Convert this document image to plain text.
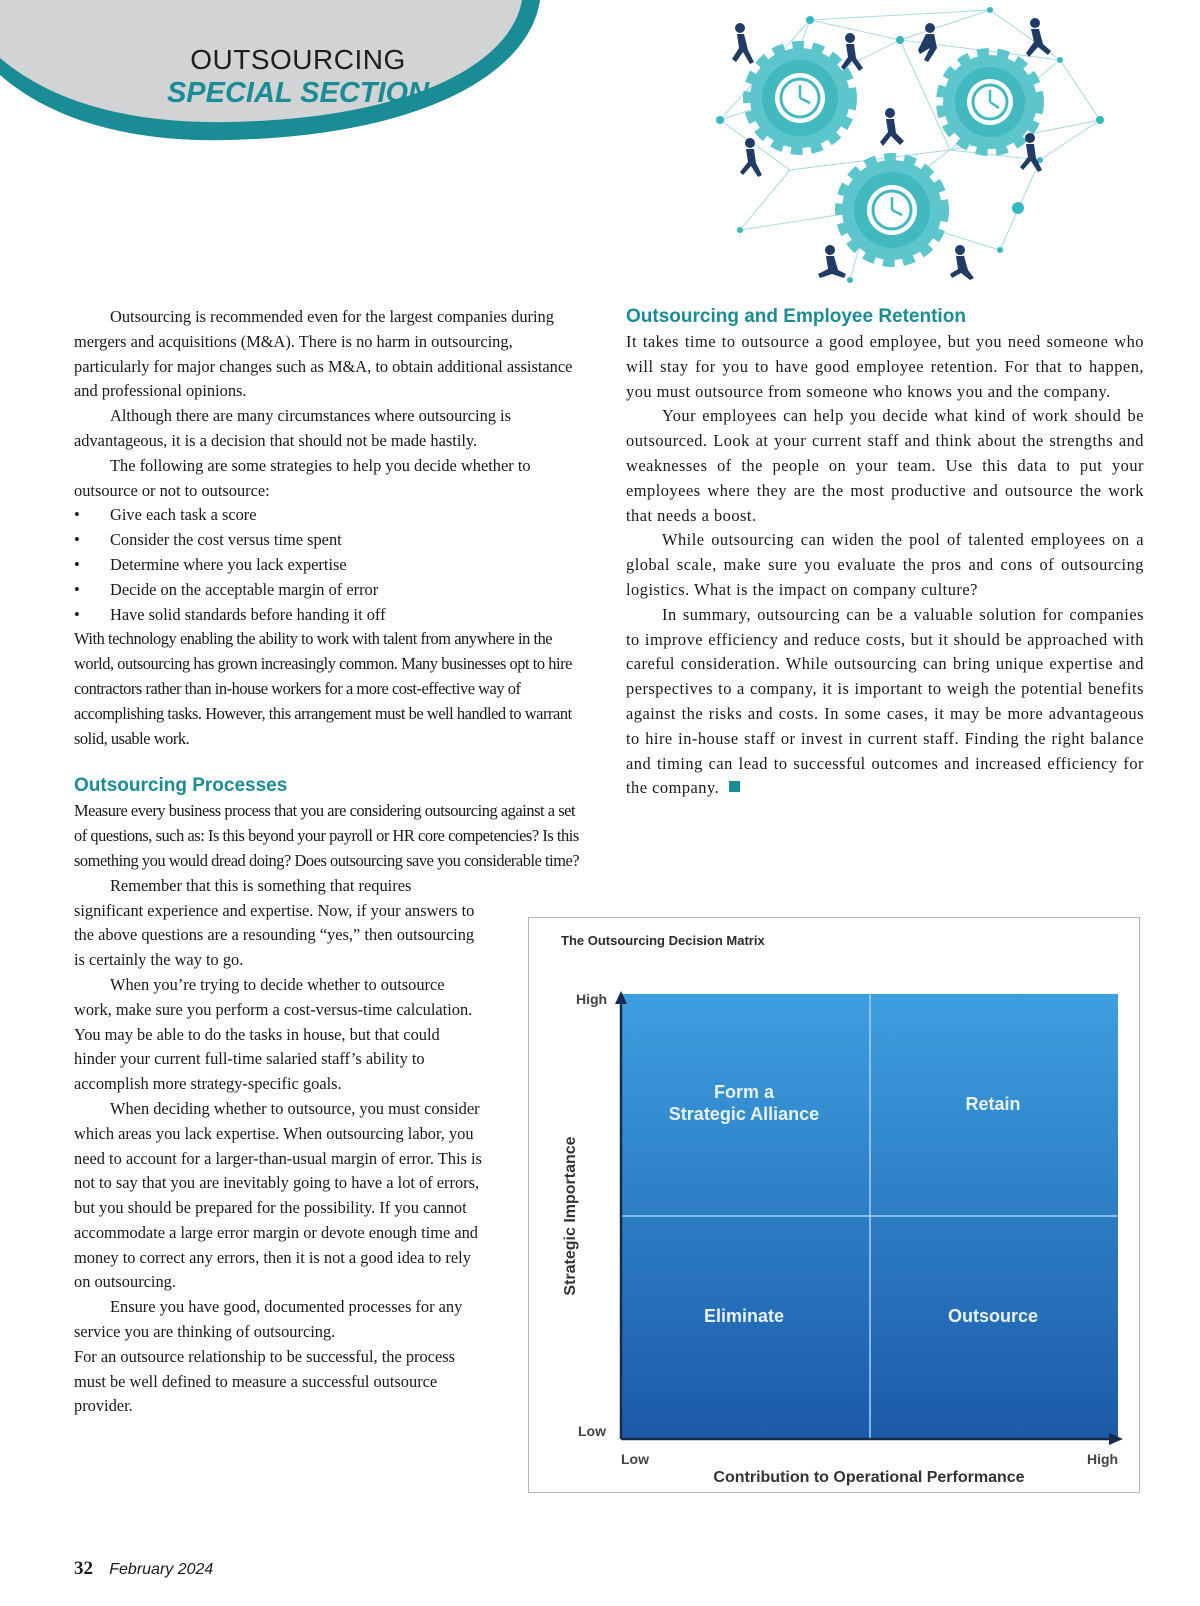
OUTSOURCING
SPECIAL SECTION

Outsourcing is recommended even for the largest companies during mergers and acquisitions (M&A). There is no harm in outsourcing, particularly for major changes such as M&A, to obtain additional assistance and professional opinions.

Although there are many circumstances where outsourcing is advantageous, it is a decision that should not be made hastily.

The following are some strategies to help you decide whether to outsource or not to outsource:

• Give each task a score
• Consider the cost versus time spent
• Determine where you lack expertise
• Decide on the acceptable margin of error
• Have solid standards before handing it off

With technology enabling the ability to work with talent from anywhere in the world, outsourcing has grown increasingly common. Many businesses opt to hire contractors rather than in-house workers for a more cost-effective way of accomplishing tasks. However, this arrangement must be well handled to warrant solid, usable work.

Outsourcing Processes

Measure every business process that you are considering outsourcing against a set of questions, such as: Is this beyond your payroll or HR core competencies? Is this something you would dread doing? Does outsourcing save you considerable time?

Remember that this is something that requires significant experience and expertise. Now, if your answers to the above questions are a resounding “yes,” then outsourcing is certainly the way to go.

When you’re trying to decide whether to outsource work, make sure you perform a cost-versus-time calculation. You may be able to do the tasks in house, but that could hinder your current full-time salaried staff’s ability to accomplish more strategy-specific goals.

When deciding whether to outsource, you must consider which areas you lack expertise. When outsourcing labor, you need to account for a larger-than-usual margin of error. This is not to say that you are inevitably going to have a lot of errors, but you should be prepared for the possibility. If you cannot accommodate a large error margin or devote enough time and money to correct any errors, then it is not a good idea to rely on outsourcing.

Ensure you have good, documented processes for any service you are thinking of outsourcing.

For an outsource relationship to be successful, the process must be well defined to measure a successful outsource provider.

Outsourcing and Employee Retention

It takes time to outsource a good employee, but you need someone who will stay for you to have good employee retention. For that to happen, you must outsource from someone who knows you and the company.

Your employees can help you decide what kind of work should be outsourced. Look at your current staff and think about the strengths and weaknesses of the people on your team. Use this data to put your employees where they are the most productive and outsource the work that needs a boost.

While outsourcing can widen the pool of talented employees on a global scale, make sure you evaluate the pros and cons of outsourcing logistics. What is the impact on company culture?

In summary, outsourcing can be a valuable solution for companies to improve efficiency and reduce costs, but it should be approached with careful consideration. While outsourcing can bring unique expertise and perspectives to a company, it is important to weigh the potential benefits against the risks and costs. In some cases, it may be more advantageous to hire in-house staff or invest in current staff. Finding the right balance and timing can lead to successful outcomes and increased efficiency for the company.

The Outsourcing Decision Matrix
High
Low
Low	High
Contribution to Operational Performance
Strategic Importance
Form a
Strategic Alliance	Retain
Eliminate	Outsource
32 February 2024
